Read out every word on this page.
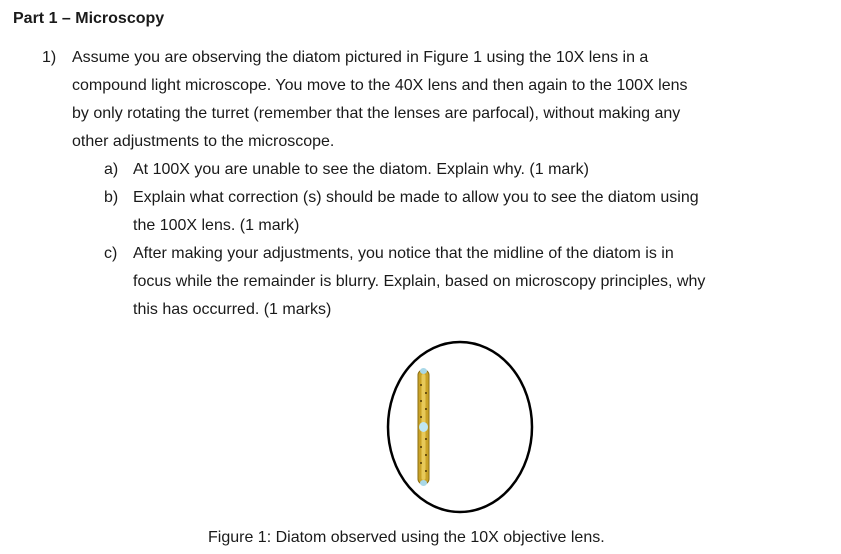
Part 1 – Microscopy
1) Assume you are observing the diatom pictured in Figure 1 using the 10X lens in a
compound light microscope. You move to the 40X lens and then again to the 100X lens
by only rotating the turret (remember that the lenses are parfocal), without making any
other adjustments to the microscope.
a) At 100X you are unable to see the diatom. Explain why. (1 mark)
b) Explain what correction (s) should be made to allow you to see the diatom using
the 100X lens. (1 mark)
c) After making your adjustments, you notice that the midline of the diatom is in
focus while the remainder is blurry. Explain, based on microscopy principles, why
this has occurred. (1 marks)
Figure 1: Diatom observed using the 10X objective lens.
